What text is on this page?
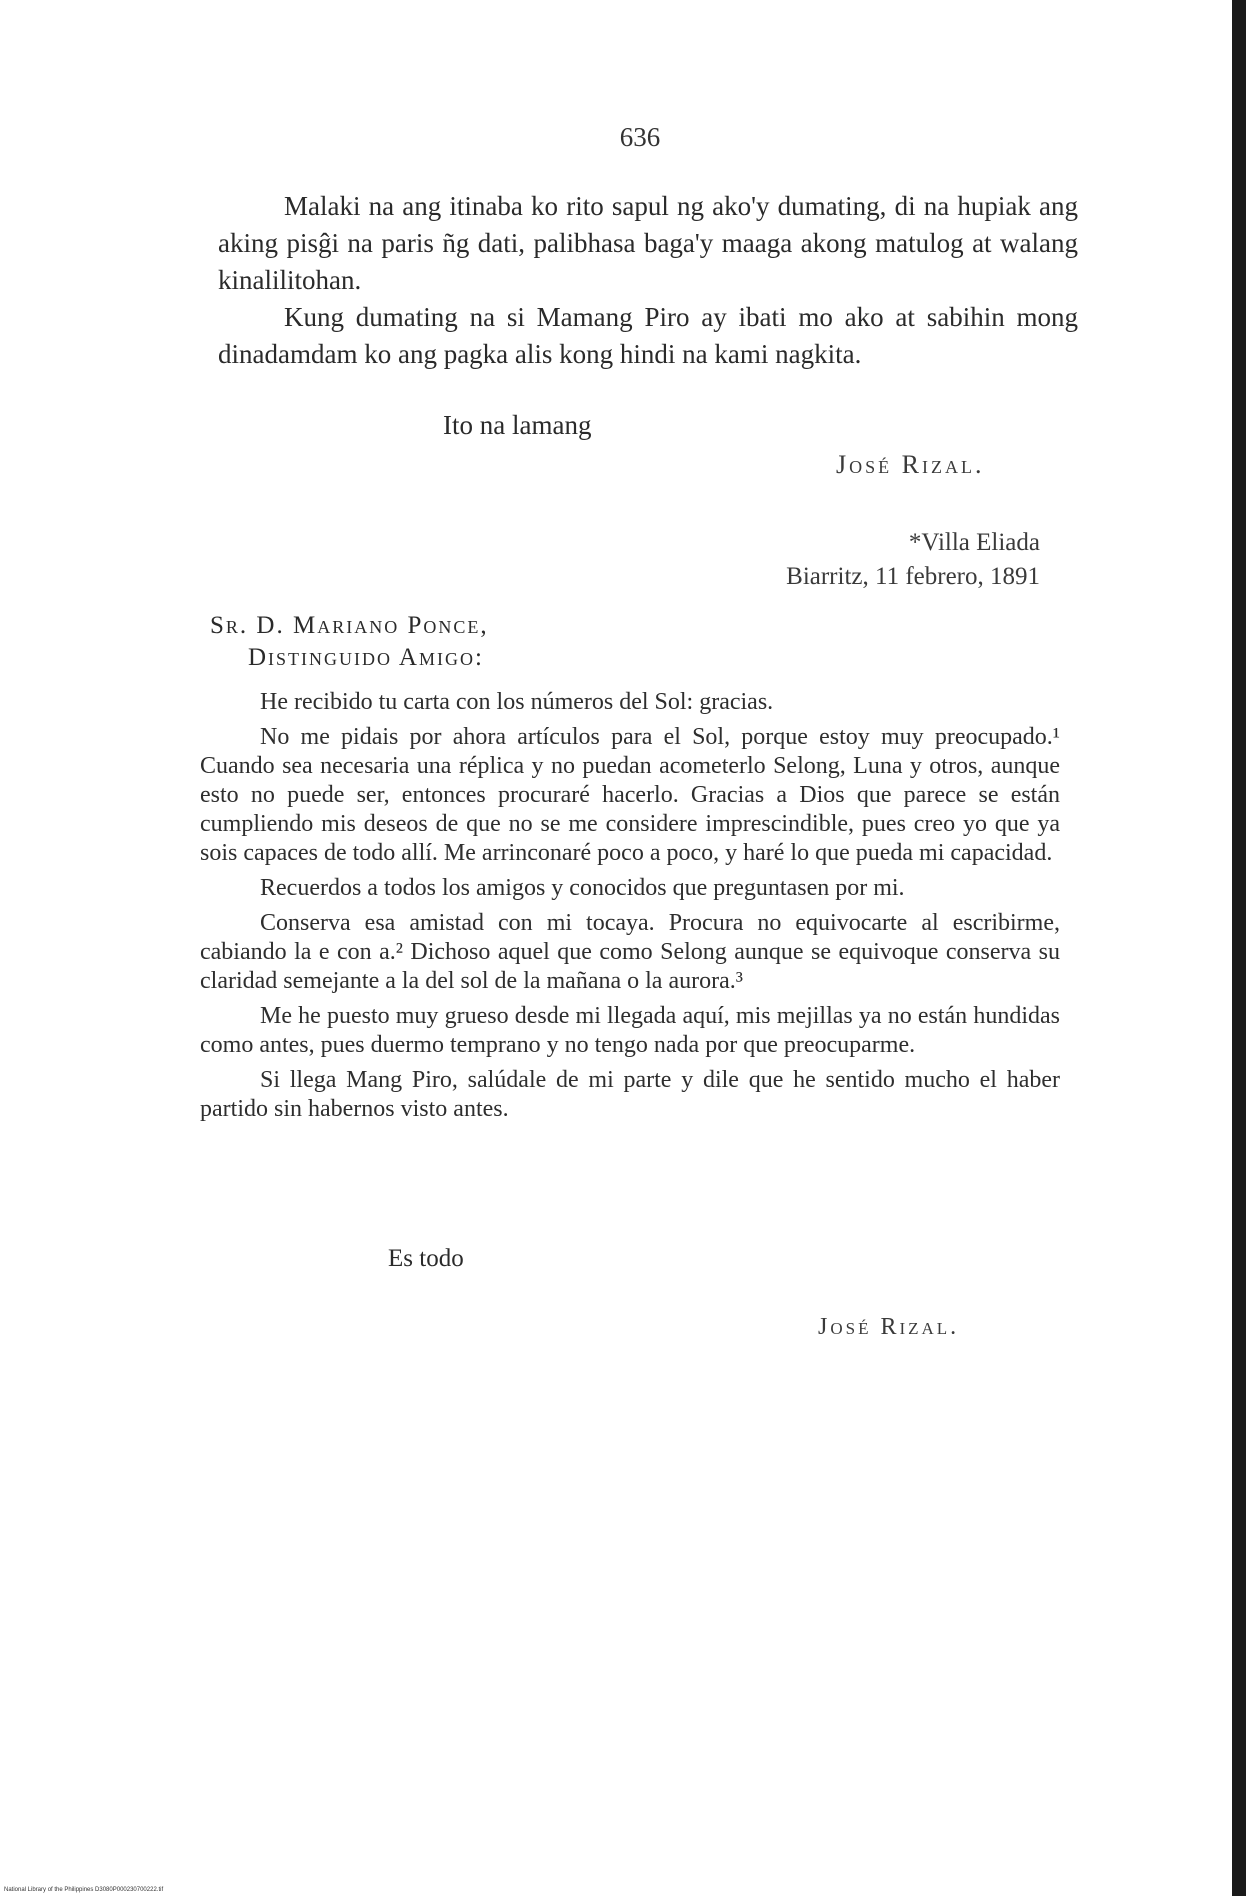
636

Malaki na ang itinaba ko rito sapul ng ako'y dumating, di na hupiak ang aking pisĝi na paris ñg dati, palibhasa baga'y maaga akong matulog at walang kinalilitohan.

Kung dumating na si Mamang Piro ay ibati mo ako at sabihin mong dinadamdam ko ang pagka alis kong hindi na kami nagkita.

Ito na lamang
José Rizal.
*Villa Eliada
Biarritz, 11 febrero, 1891
Sr. D. Mariano Ponce,
Distinguido Amigo:

He recibido tu carta con los números del Sol: gracias.

No me pidais por ahora artículos para el Sol, porque estoy muy preocupado.¹ Cuando sea necesaria una réplica y no puedan acometerlo Selong, Luna y otros, aunque esto no puede ser, entonces procuraré hacerlo. Gracias a Dios que parece se están cumpliendo mis deseos de que no se me considere imprescindible, pues creo yo que ya sois capaces de todo allí. Me arrinconaré poco a poco, y haré lo que pueda mi capacidad.

Recuerdos a todos los amigos y conocidos que preguntasen por mi.

Conserva esa amistad con mi tocaya. Procura no equivocarte al escribirme, cabiando la e con a.² Dichoso aquel que como Selong aunque se equivoque conserva su claridad semejante a la del sol de la mañana o la aurora.³

Me he puesto muy grueso desde mi llegada aquí, mis mejillas ya no están hundidas como antes, pues duermo temprano y no tengo nada por que preocuparme.

Si llega Mang Piro, salúdale de mi parte y dile que he sentido mucho el haber partido sin habernos visto antes.

Es todo
José Rizal.
National Library of the Philippines D3080P000230700222.tif
